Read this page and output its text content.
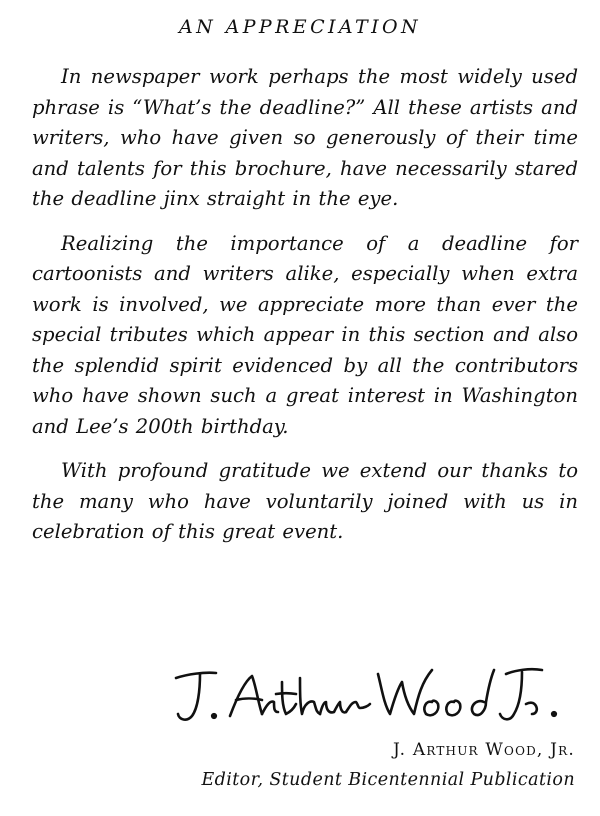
AN APPRECIATION

In newspaper work perhaps the most widely used phrase is “What’s the deadline?” All these artists and writers, who have given so generously of their time and talents for this brochure, have necessarily stared the deadline jinx straight in the eye.

Realizing the importance of a deadline for cartoonists and writers alike, especially when extra work is involved, we appreciate more than ever the special tributes which appear in this section and also the splendid spirit evidenced by all the contributors who have shown such a great interest in Washington and Lee’s 200th birthday.

With profound gratitude we extend our thanks to the many who have voluntarily joined with us in celebration of this great event.

J. Arthur Wood, Jr.

Editor, Student Bicentennial Publication
